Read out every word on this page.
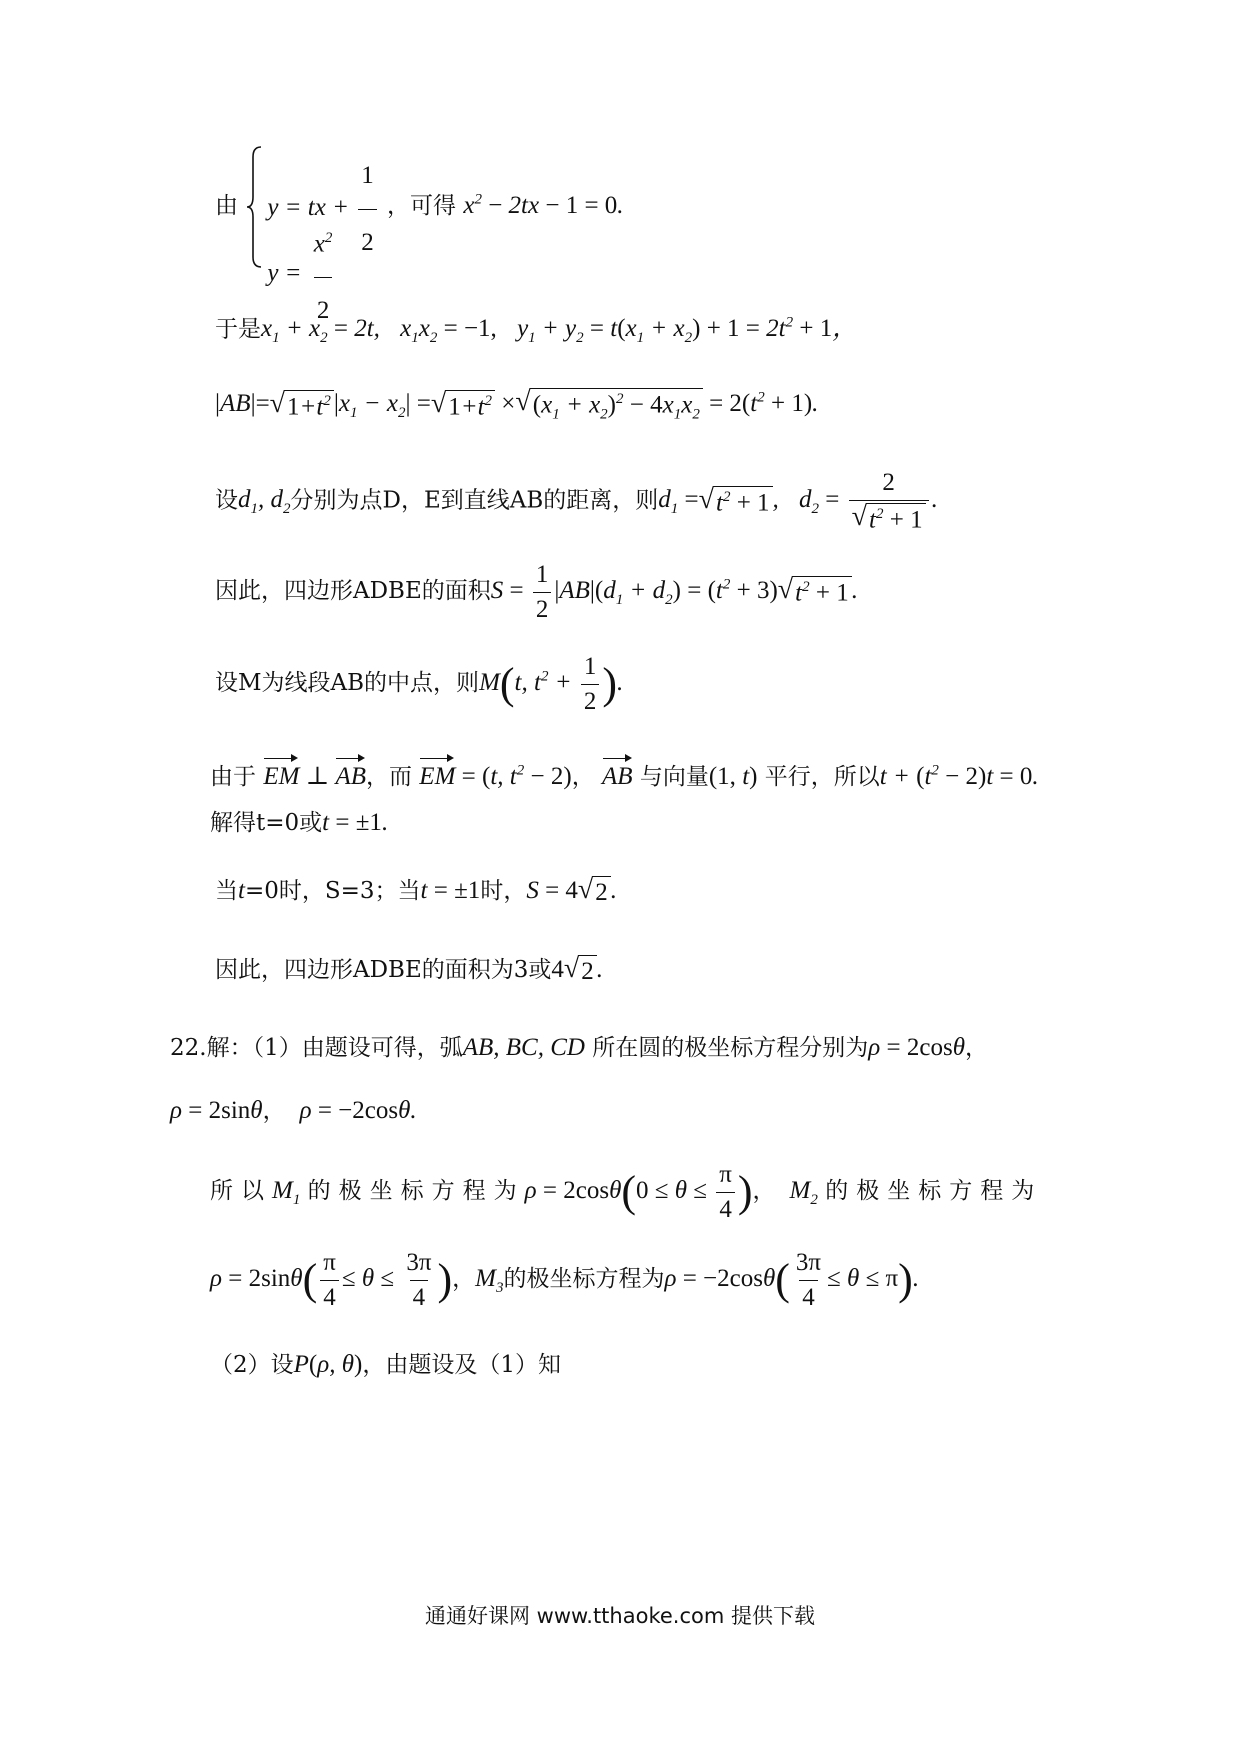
由 y = tx + $\frac{1}{2}$
$y = \frac{x^2}{2}$
，可得 $x^2 - 2tx - 1 = 0$.
于是$x_1 + x_2 = 2t$, $x_1x_2 = -1$, $y_1 + y_2 = t(x_1 + x_2) + 1 = 2t^2 + 1$，
|AB|= √ $1+t^2$ $|x_1 - x_2|$ = √ $1+t^2$ × √ $(x_1 + x_2)^2 - 4x_1x_2 = 2(t^2 + 1)$.
设$d_1$, $d_2$分别为点D，E到直线AB的距离，则$d_1$ = √ $t^2 + 1$ , $d_2 = \frac{2}{√ t^2 + 1}$ .
因此，四边形ADBE的面积$S = \frac{1}{2} |AB|(d_1 + d_2) = (t^2 + 3)$ √ $t^2 + 1$ .
设M为线段AB的中点，则M(t, $t^2 + \frac{1}{2}$ ).
由于 EM ⊥ AB，而 EM = (t, $t^2 - 2$)， AB 与向量(1, t) 平行，所以$t + (t^2 - 2)t = 0$.
解得t=0或t = ±1.
当t=0时，S=3；当t = ±1时，S = 4 √ 2 .
因此，四边形ADBE的面积为3或4 √ 2 .
22.解：（1）由题设可得，弧AB, BC, CD 所在圆的极坐标方程分别为ρ = 2cosθ，
ρ = 2sinθ， ρ = −2cosθ.
所以$M_1$ 的极坐标方程为$\rho = 2\cos\theta(0 \le \theta \le \frac{\pi}{4}$ )， $M_2$ 的极坐标方程为
$\rho = 2\sin\theta( \frac{\pi}{4} \le \theta \le \frac{3\pi}{4}$ )，$M_3$的极坐标方程为$\rho = -2\cos\theta( \frac{3\pi}{4} \le \theta \le \pi)$.
（2）设P(ρ, θ)，由题设及（1）知
通通好课网 www.tthaoke.com 提供下载
